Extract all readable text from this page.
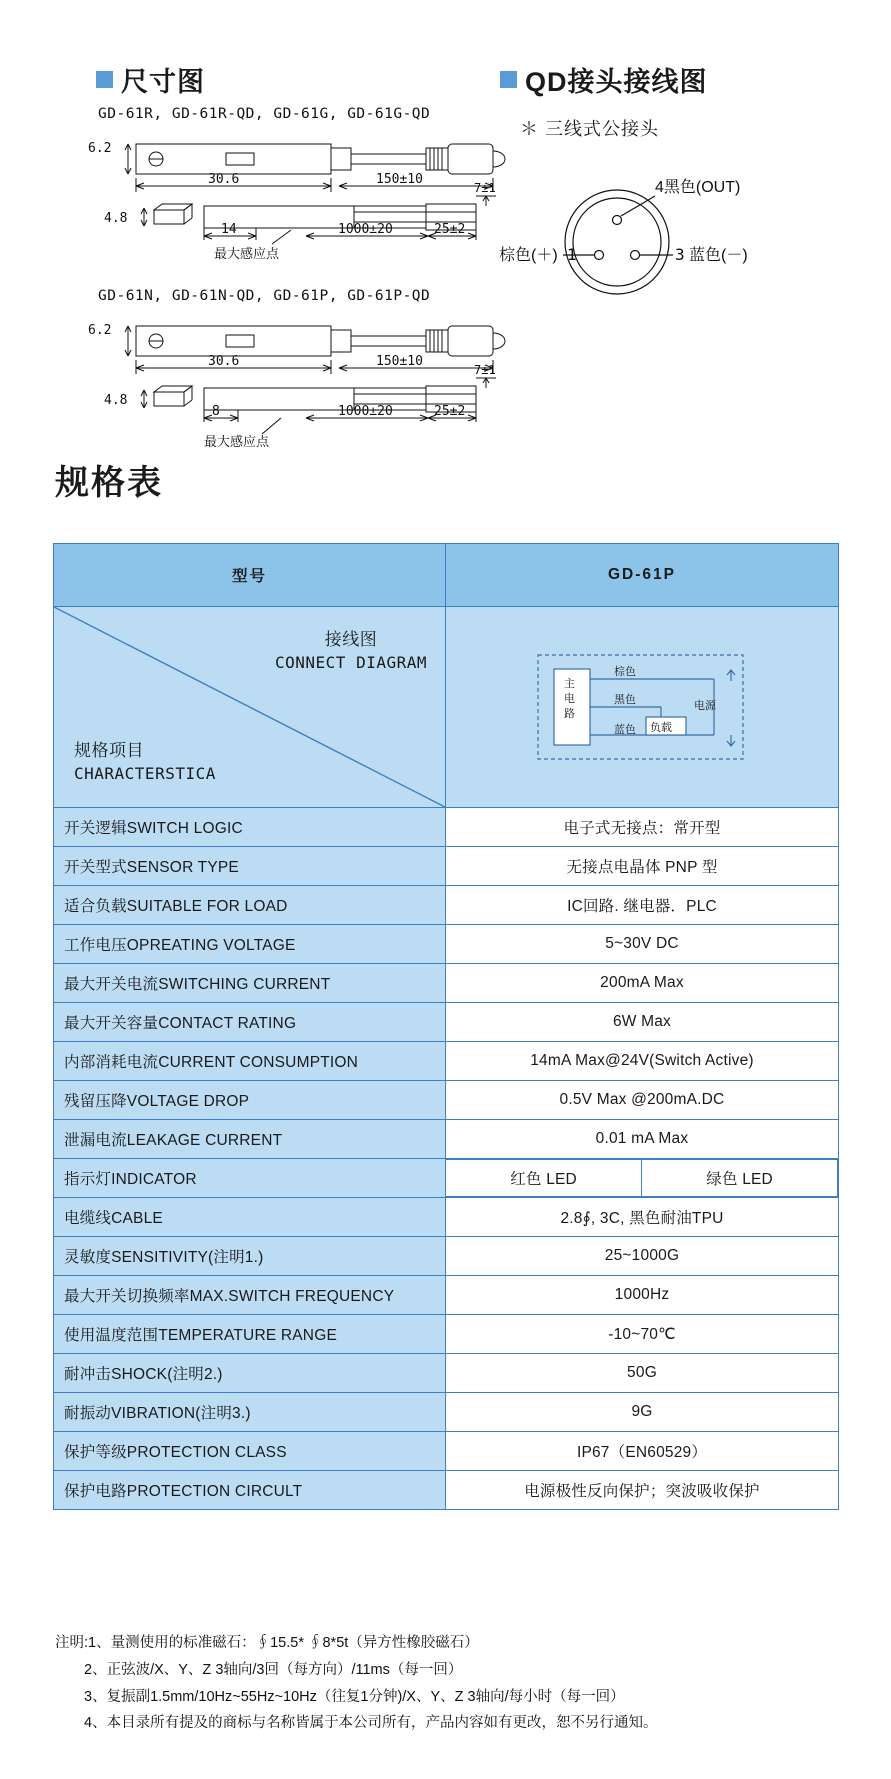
尺寸图	QD接头接线图
GD-61R, GD-61R-QD, GD-61G, GD-61G-QD
6.2
30.6	150±10
4.8
14	1000±20	25±2
7±1
最大感应点
GD-61N, GD-61N-QD, GD-61P, GD-61P-QD
6.2
30.6	150±10
4.8
8	1000±20	25±2
7±1
最大感应点
＊ 三线式公接头
4黑色(OUT)
棕色(＋) 1	3 蓝色(－)
规格表
型号	GD-61P

接线图
CONNECT DIAGRAM
规格项目
CHARACTERSTICA

主
电
路
棕色
黑色
蓝色 负载
电源

开关逻辑SWITCH LOGIC	电子式无接点：常开型
开关型式SENSOR TYPE	无接点电晶体 PNP 型
适合负载SUITABLE FOR LOAD	IC回路. 继电器．PLC
工作电压OPREATING VOLTAGE	5~30V DC
最大开关电流SWITCHING CURRENT	200mA Max
最大开关容量CONTACT RATING	6W Max
内部消耗电流CURRENT CONSUMPTION	14mA Max@24V(Switch Active)
残留压降VOLTAGE DROP	0.5V Max @200mA.DC
泄漏电流LEAKAGE CURRENT	0.01 mA Max
指示灯INDICATOR		红色 LED	绿色 LED

电缆线CABLE	2.8∮, 3C, 黑色耐油TPU
灵敏度SENSITIVITY(注明1.)	25~1000G
最大开关切换频率MAX.SWITCH FREQUENCY	1000Hz
使用温度范围TEMPERATURE RANGE	-10~70℃
耐冲击SHOCK(注明2.)	50G
耐振动VIBRATION(注明3.)	9G
保护等级PROTECTION CLASS	IP67（EN60529）
保护电路PROTECTION CIRCULT	电源极性反向保护；突波吸收保护
注明:1、量测使用的标准磁石：∮15.5* ∮8*5t（异方性橡胶磁石）
　　2、正弦波/X、Y、Z 3轴向/3回（每方向）/11ms（每一回）
　　3、复振副1.5mm/10Hz~55Hz~10Hz（往复1分钟)/X、Y、Z 3轴向/每小时（每一回）
　　4、本目录所有提及的商标与名称皆属于本公司所有，产品内容如有更改，恕不另行通知。
